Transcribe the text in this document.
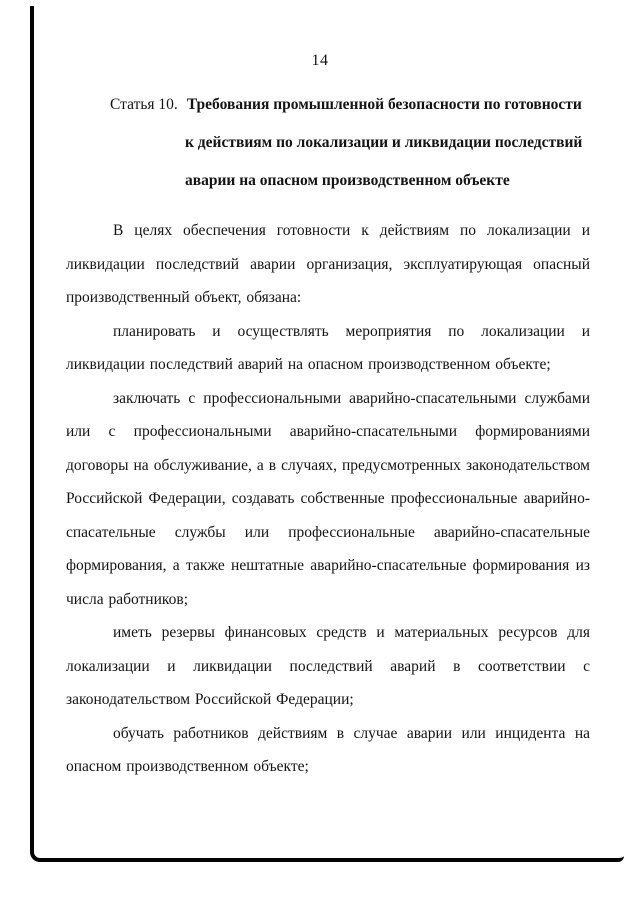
14
Статья 10. Требования промышленной безопасности по готовности к действиям по локализации и ликвидации последствий аварии на опасном производственном объекте

В целях обеспечения готовности к действиям по локализации и ликвидации последствий аварии организация, эксплуатирующая опасный производственный объект, обязана:

планировать и осуществлять мероприятия по локализации и ликвидации последствий аварий на опасном производственном объекте;

заключать с профессиональными аварийно-спасательными службами или с профессиональными аварийно-спасательными формированиями договоры на обслуживание, а в случаях, предусмотренных законодательством Российской Федерации, создавать собственные профессиональные аварийно-спасательные службы или профессиональные аварийно-спасательные формирования, а также нештатные аварийно-спасательные формирования из числа работников;

иметь резервы финансовых средств и материальных ресурсов для локализации и ликвидации последствий аварий в соответствии с законодательством Российской Федерации;

обучать работников действиям в случае аварии или инцидента на опасном производственном объекте;
